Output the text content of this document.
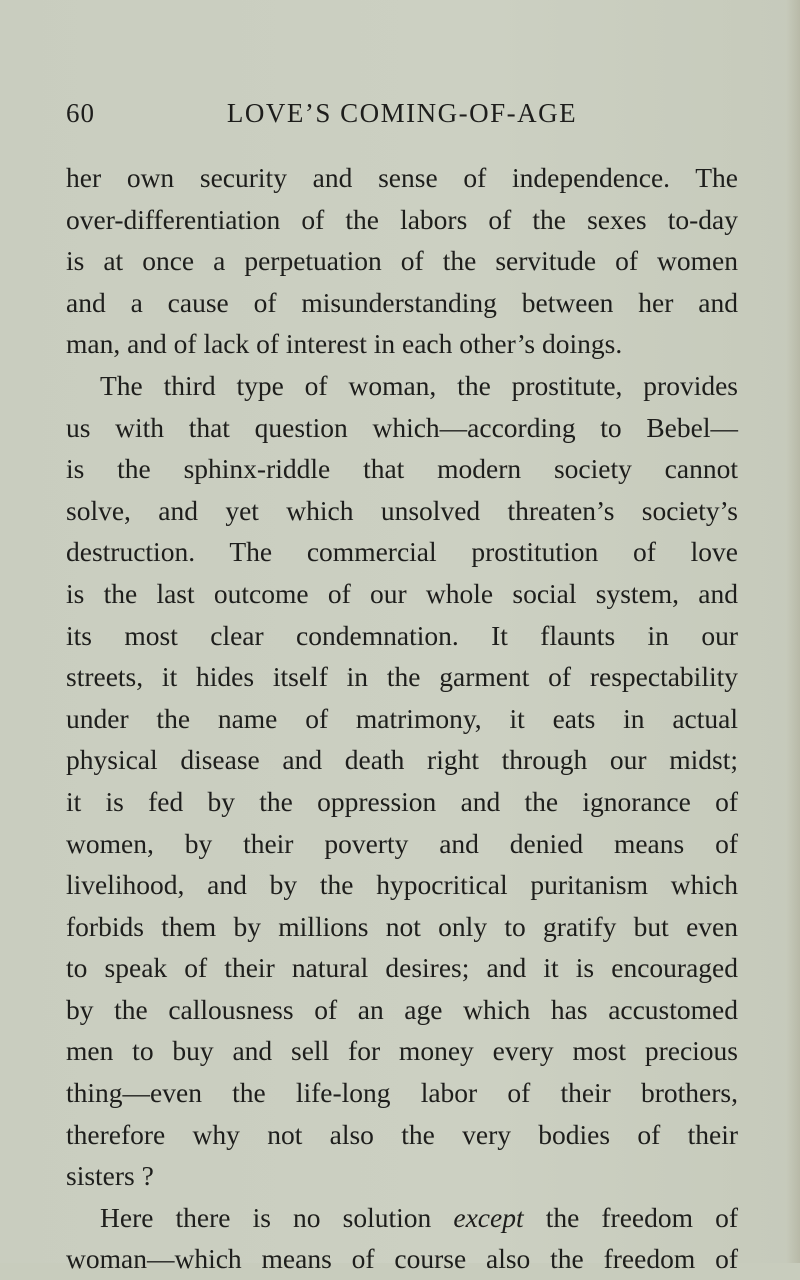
60	LOVE’S COMING-OF-AGE
her own security and sense of independence. The
over-differentiation of the labors of the sexes to-day
is at once a perpetuation of the servitude of women
and a cause of misunderstanding between her and
man, and of lack of interest in each other’s doings.
The third type of woman, the prostitute, provides
us with that question which—according to Bebel—
is the sphinx-riddle that modern society cannot
solve, and yet which unsolved threaten’s society’s
destruction. The commercial prostitution of love
is the last outcome of our whole social system, and
its most clear condemnation. It flaunts in our
streets, it hides itself in the garment of respectability
under the name of matrimony, it eats in actual
physical disease and death right through our midst;
it is fed by the oppression and the ignorance of
women, by their poverty and denied means of
livelihood, and by the hypocritical puritanism which
forbids them by millions not only to gratify but even
to speak of their natural desires; and it is encouraged
by the callousness of an age which has accustomed
men to buy and sell for money every most precious
thing—even the life-long labor of their brothers,
therefore why not also the very bodies of their
sisters ?
Here there is no solution except the freedom of
woman—which means of course also the freedom of
